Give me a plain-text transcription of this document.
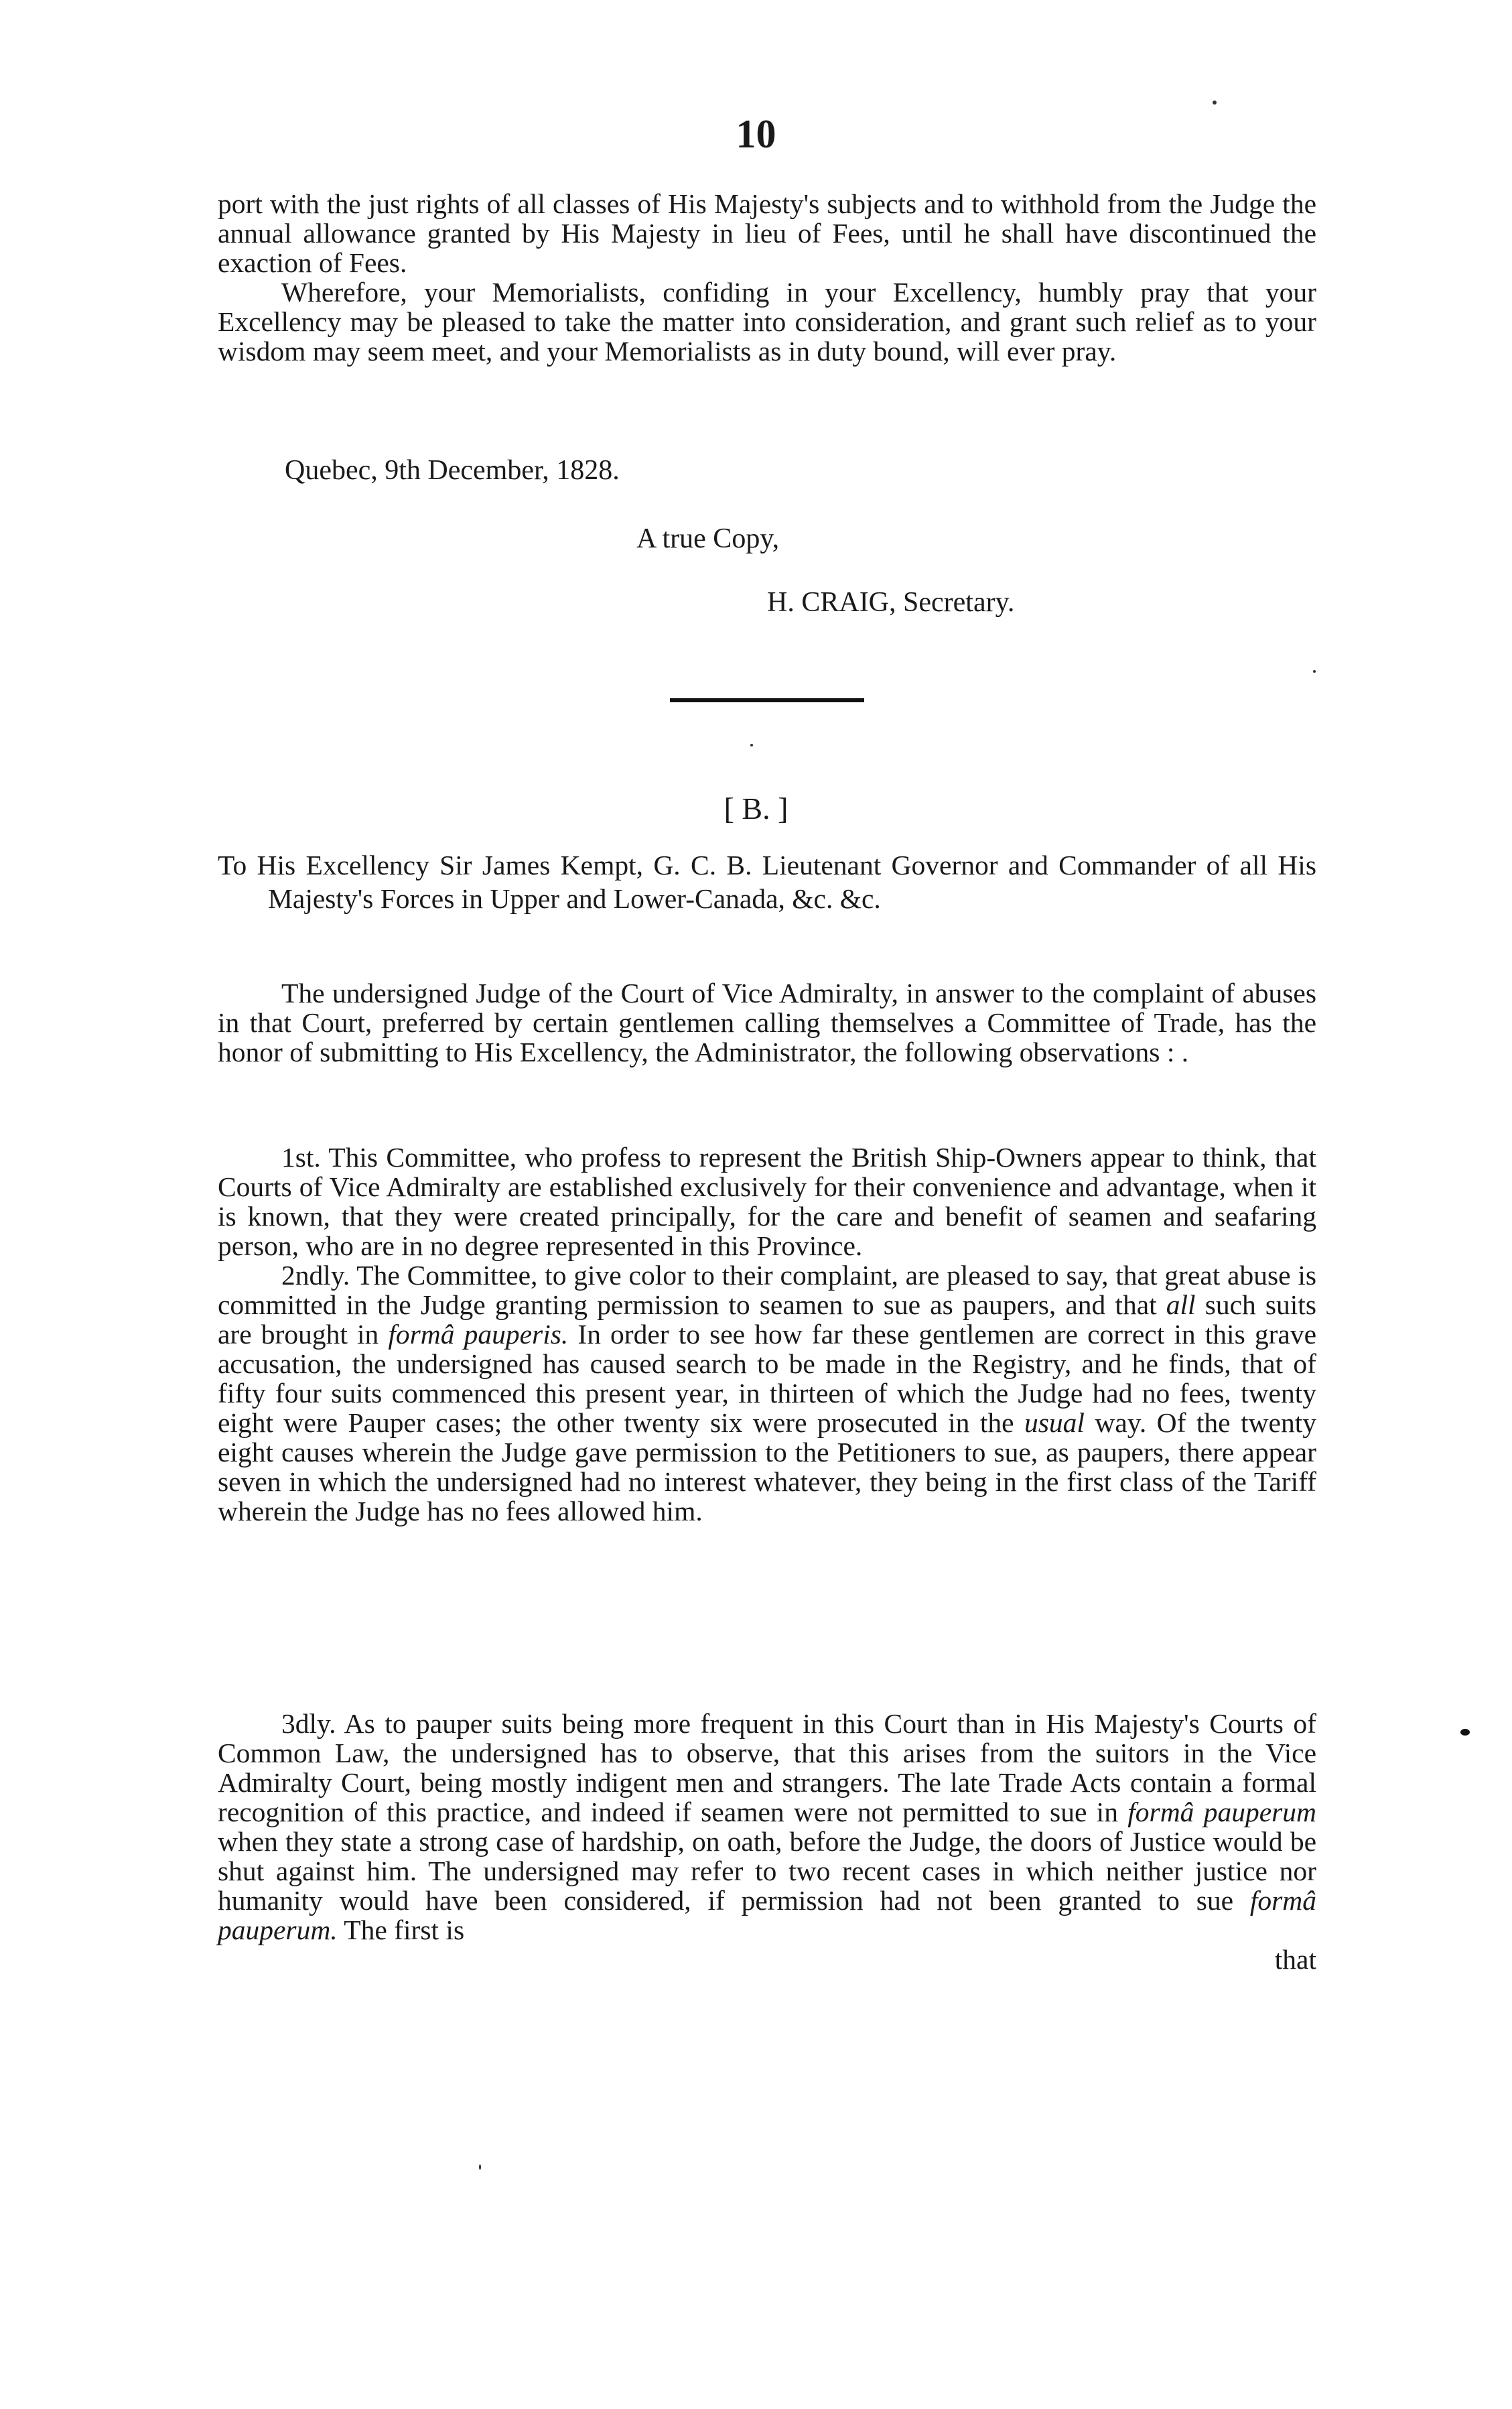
10

port with the just rights of all classes of His Majesty's subjects and to withhold from the Judge the annual allowance granted by His Majesty in lieu of Fees, until he shall have discontinued the exaction of Fees.

Wherefore, your Memorialists, confiding in your Excellency, humbly pray that your Excellency may be pleased to take the matter into consideration, and grant such relief as to your wisdom may seem meet, and your Memorialists as in duty bound, will ever pray.

Quebec, 9th December, 1828.
A true Copy,
H. CRAIG, Secretary.
[ B. ]

To His Excellency Sir James Kempt, G. C. B. Lieutenant Governor and Commander of all His Majesty's Forces in Upper and Lower-Canada, &c. &c.

The undersigned Judge of the Court of Vice Admiralty, in answer to the complaint of abuses in that Court, preferred by certain gentlemen calling themselves a Committee of Trade, has the honor of submitting to His Excellency, the Administrator, the following observations : .

1st. This Committee, who profess to represent the British Ship-Owners appear to think, that Courts of Vice Admiralty are established exclusively for their convenience and advantage, when it is known, that they were created principally, for the care and benefit of seamen and seafaring person, who are in no degree represented in this Province.

2ndly. The Committee, to give color to their complaint, are pleased to say, that great abuse is committed in the Judge granting permission to seamen to sue as paupers, and that all such suits are brought in formâ pauperis. In order to see how far these gentlemen are correct in this grave accusation, the undersigned has caused search to be made in the Registry, and he finds, that of fifty four suits commenced this present year, in thirteen of which the Judge had no fees, twenty eight were Pauper cases; the other twenty six were prosecuted in the usual way. Of the twenty eight causes wherein the Judge gave permission to the Petitioners to sue, as paupers, there appear seven in which the undersigned had no interest whatever, they being in the first class of the Tariff wherein the Judge has no fees allowed him.

3dly. As to pauper suits being more frequent in this Court than in His Majesty's Courts of Common Law, the undersigned has to observe, that this arises from the suitors in the Vice Admiralty Court, being mostly indigent men and strangers. The late Trade Acts contain a formal recognition of this practice, and indeed if seamen were not permitted to sue in formâ pauperum when they state a strong case of hardship, on oath, before the Judge, the doors of Justice would be shut against him. The undersigned may refer to two recent cases in which neither justice nor humanity would have been considered, if permission had not been granted to sue formâ pauperum. The first is

that
